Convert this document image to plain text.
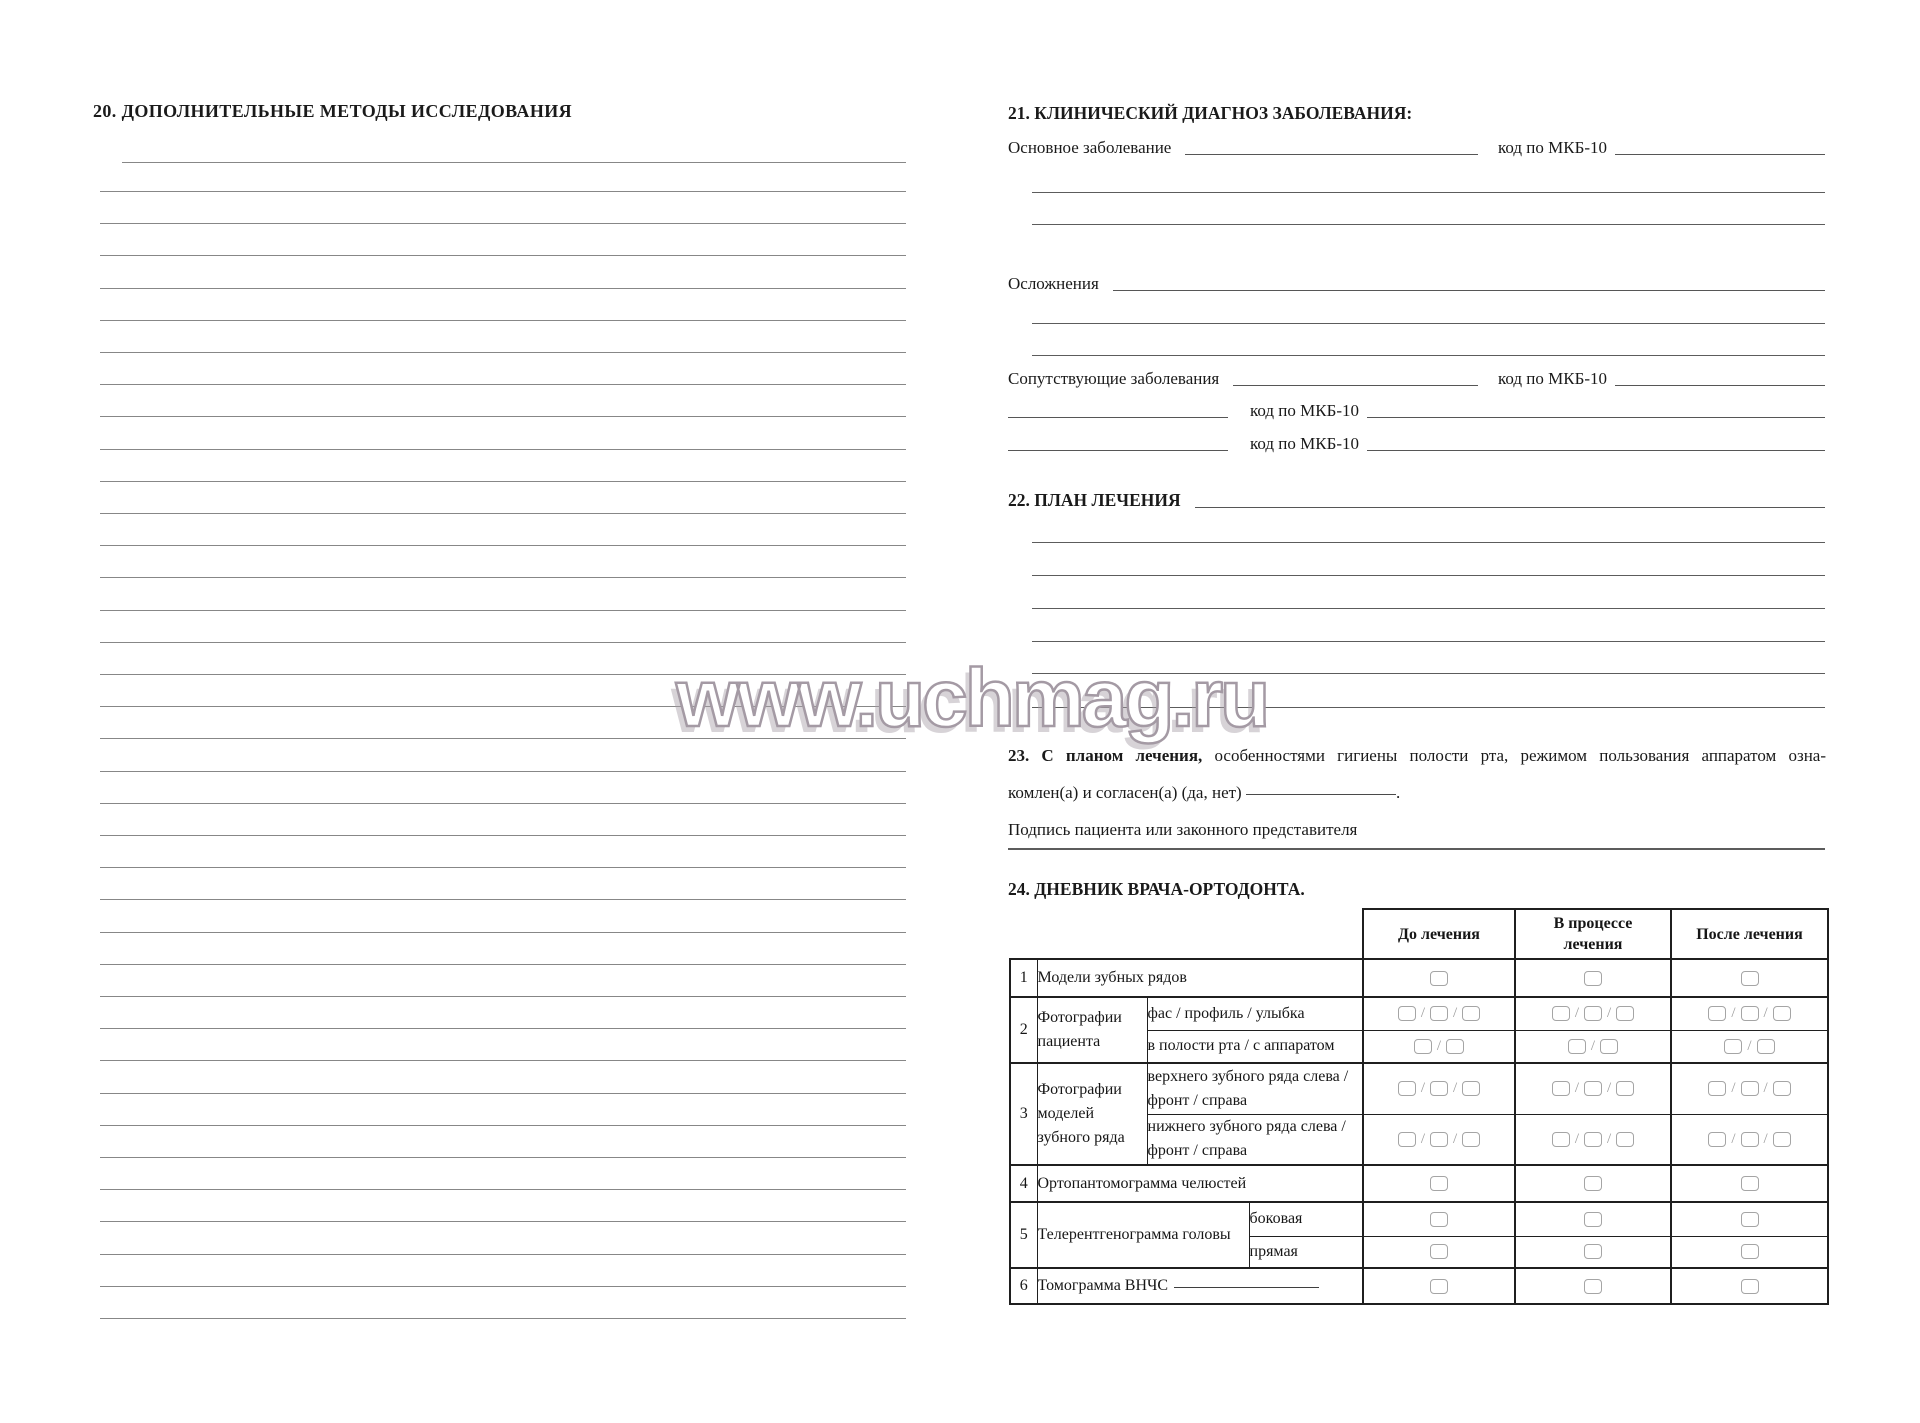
www.uchmag.ru
20. ДОПОЛНИТЕЛЬНЫЕ МЕТОДЫ ИССЛЕДОВАНИЯ	21. КЛИНИЧЕСКИЙ ДИАГНОЗ ЗАБОЛЕВАНИЯ:
Основное заболевание	код по МКБ-10
Осложнения
Сопутствующие заболевания	код по МКБ-10
код по МКБ-10
код по МКБ-10
22. ПЛАН ЛЕЧЕНИЯ
23. С планом лечения, особенностями гигиены полости рта, режимом пользования аппаратом озна-
комлен(а) и согласен(а) (да, нет)	.
Подпись пациента или законного представителя
24. ДНЕВНИК ВРАЧА-ОРТОДОНТА.
				До лечения	В процессе лечения	После лечения
1	Модели зубных рядов			

2	Фотографии пациента	фас / профиль / улыбка		/ /	/ /	/ /

		в полости рта / с аппаратом		/	/	/

3	Фотографии моделей зубного ряда	верхнего зубного ряда слева / фронт / справа		/ /	/ /	/ /

		нижнего зубного ряда слева / фронт / справа		/ /	/ /	/ /

4	Ортопантомограмма челюстей			

5	Телерентгенограмма головы		боковая	

			прямая	

6	Томограмма ВНЧС			
